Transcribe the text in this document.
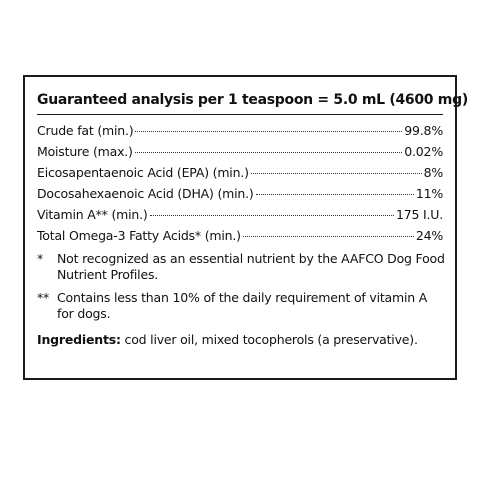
Guaranteed analysis per 1 teaspoon = 5.0 mL (4600 mg)
Crude fat (min.)	99.8%
Moisture (max.)	0.02%
Eicosapentaenoic Acid (EPA) (min.)	8%
Docosahexaenoic Acid (DHA) (min.)	11%
Vitamin A** (min.)	175 I.U.
Total Omega-3 Fatty Acids* (min.)	24%
*	Not recognized as an essential nutrient by the AAFCO Dog Food Nutrient Profiles.
** Contains less than 10% of the daily requirement of vitamin A for dogs.
Ingredients: cod liver oil, mixed tocopherols (a preservative).
